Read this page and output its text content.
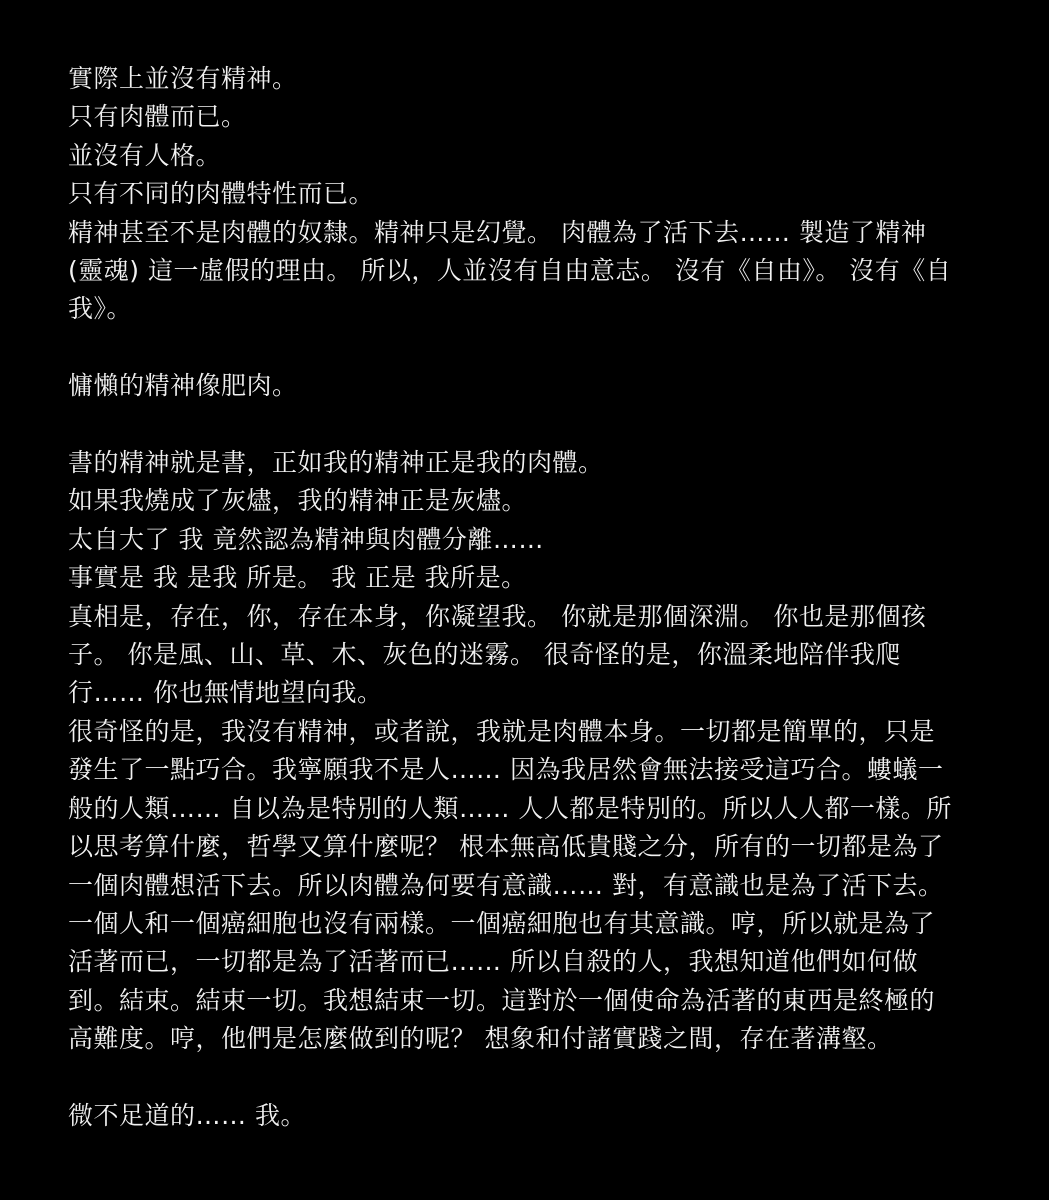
實際上並沒有精神。
只有肉體而已。
並沒有人格。
只有不同的肉體特性而已。
精神甚至不是肉體的奴隸。精神只是幻覺。 肉體為了活下去…… 製造了精神
(靈魂) 這一虛假的理由。 所以，人並沒有自由意志。 沒有《自由》。 沒有《自
我》。
慵懶的精神像肥肉。
書的精神就是書，正如我的精神正是我的肉體。
如果我燒成了灰燼，我的精神正是灰燼。
太自大了 我 竟然認為精神與肉體分離……
事實是 我 是我 所是。 我 正是 我所是。
真相是，存在，你，存在本身，你凝望我。 你就是那個深淵。 你也是那個孩
子。 你是風、山、草、木、灰色的迷霧。 很奇怪的是，你溫柔地陪伴我爬
行…… 你也無情地望向我。
很奇怪的是，我沒有精神，或者說，我就是肉體本身。一切都是簡單的，只是
發生了一點巧合。我寧願我不是人…… 因為我居然會無法接受這巧合。螻蟻一
般的人類…… 自以為是特別的人類…… 人人都是特別的。所以人人都一樣。所
以思考算什麼，哲學又算什麼呢？ 根本無高低貴賤之分，所有的一切都是為了
一個肉體想活下去。所以肉體為何要有意識…… 對，有意識也是為了活下去。
一個人和一個癌細胞也沒有兩樣。一個癌細胞也有其意識。哼，所以就是為了
活著而已，一切都是為了活著而已…… 所以自殺的人，我想知道他們如何做
到。結束。結束一切。我想結束一切。這對於一個使命為活著的東西是終極的
高難度。哼，他們是怎麼做到的呢？ 想象和付諸實踐之間，存在著溝壑。
微不足道的…… 我。
